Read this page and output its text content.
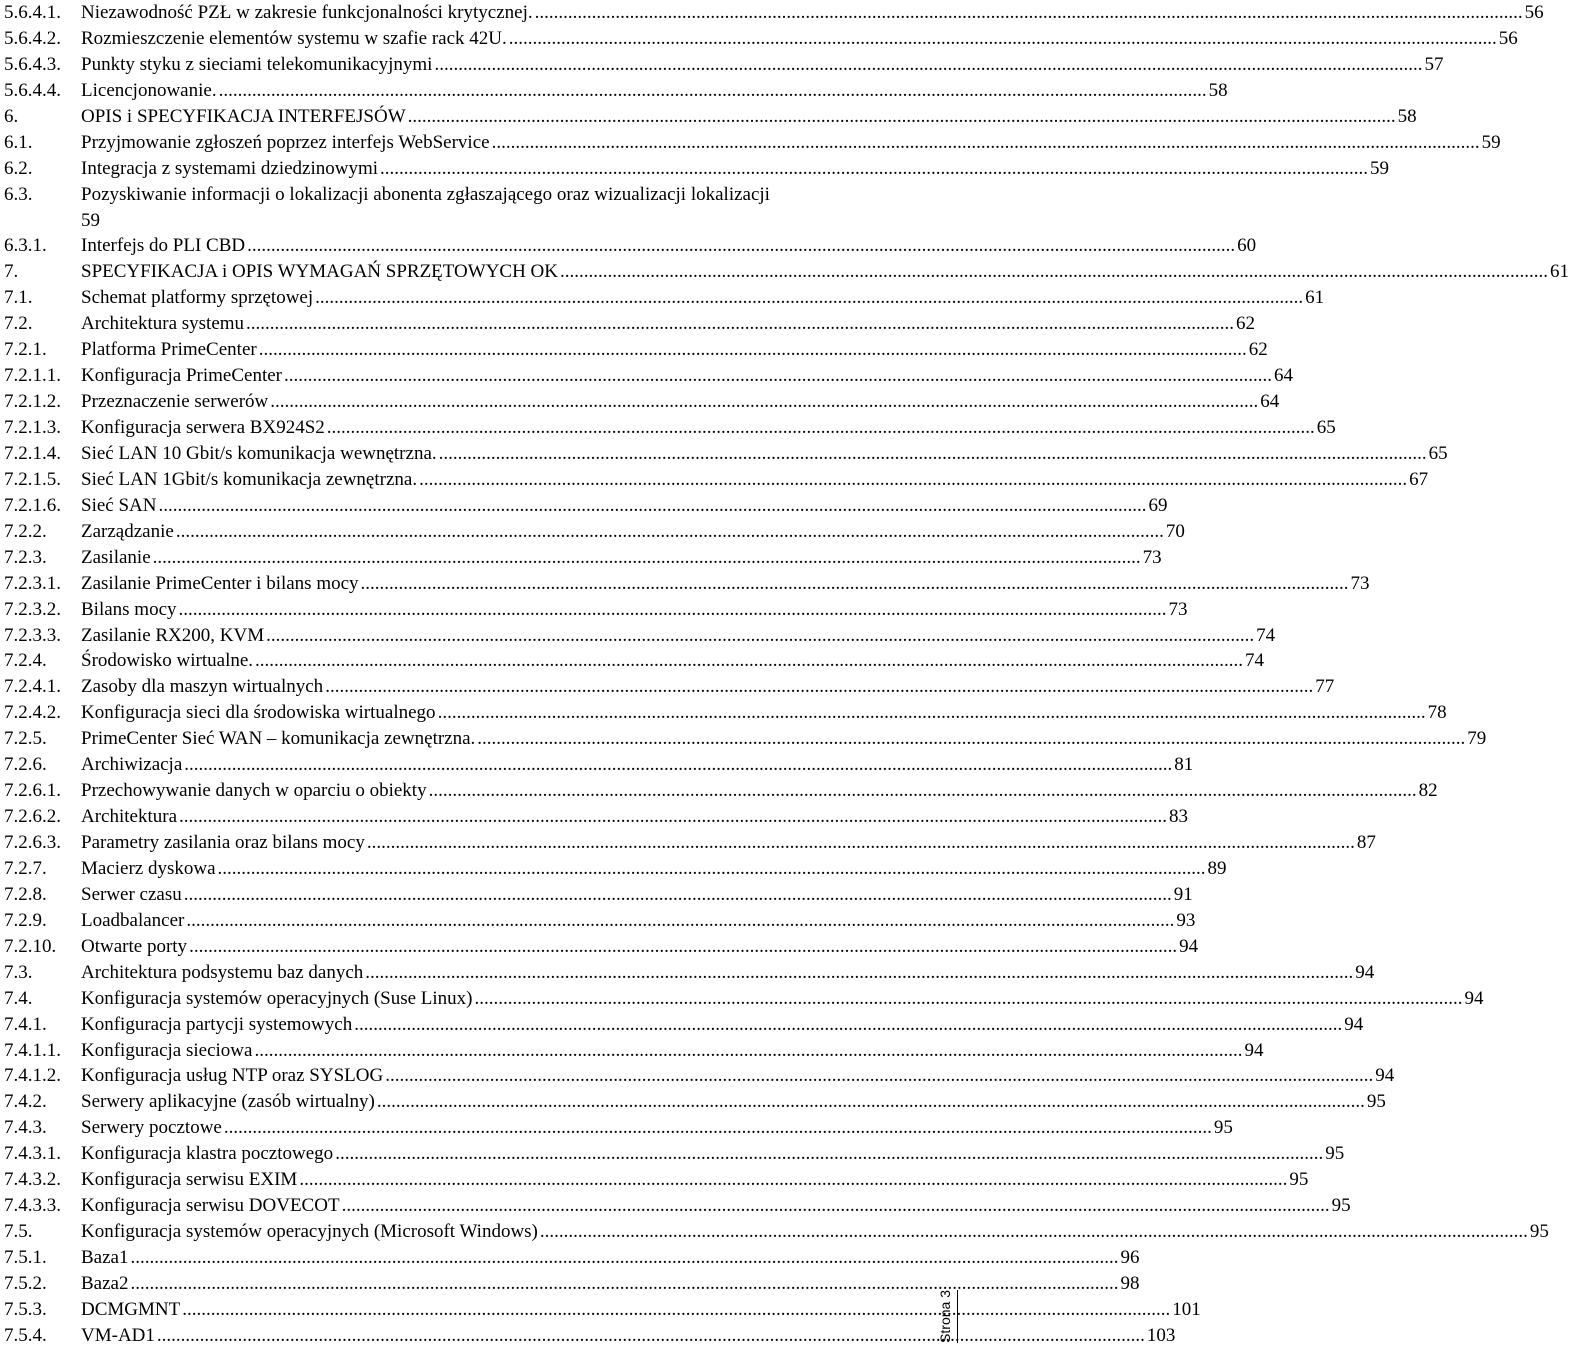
5.6.4.1.	Niezawodność PZŁ w zakresie funkcjonalności krytycznej. .....	56
5.6.4.2.	Rozmieszczenie elementów systemu w szafie rack 42U. .....	56
5.6.4.3.	Punkty styku z sieciami telekomunikacyjnymi .....	57
5.6.4.4.	Licencjonowanie. .....	58
6.	OPIS i SPECYFIKACJA INTERFEJSÓW .....	58
6.1.	Przyjmowanie zgłoszeń poprzez interfejs WebService .....	59
6.2.	Integracja z systemami dziedzinowymi .....	59
6.3.	Pozyskiwanie informacji o lokalizacji abonenta zgłaszającego oraz wizualizacji lokalizacji
59
6.3.1.	Interfejs do PLI CBD .....	60
7.	SPECYFIKACJA i OPIS WYMAGAŃ SPRZĘTOWYCH OK .....	61
7.1.	Schemat platformy sprzętowej .....	61
7.2.	Architektura systemu .....	62
7.2.1.	Platforma PrimeCenter .....	62
7.2.1.1.	Konfiguracja PrimeCenter .....	64
7.2.1.2.	Przeznaczenie serwerów .....	64
7.2.1.3.	Konfiguracja serwera BX924S2 .....	65
7.2.1.4.	Sieć LAN 10 Gbit/s komunikacja wewnętrzna. .....	65
7.2.1.5.	Sieć LAN 1Gbit/s komunikacja zewnętrzna. .....	67
7.2.1.6.	Sieć SAN .....	69
7.2.2.	Zarządzanie .....	70
7.2.3.	Zasilanie .....	73
7.2.3.1.	Zasilanie PrimeCenter i bilans mocy .....	73
7.2.3.2.	Bilans mocy .....	73
7.2.3.3.	Zasilanie RX200, KVM .....	74
7.2.4.	Środowisko wirtualne. .....	74
7.2.4.1.	Zasoby dla maszyn wirtualnych .....	77
7.2.4.2.	Konfiguracja sieci dla środowiska wirtualnego .....	78
7.2.5.	PrimeCenter Sieć WAN – komunikacja zewnętrzna. .....	79
7.2.6.	Archiwizacja .....	81
7.2.6.1.	Przechowywanie danych w oparciu o obiekty .....	82
7.2.6.2.	Architektura .....	83
7.2.6.3.	Parametry zasilania oraz bilans mocy .....	87
7.2.7.	Macierz dyskowa .....	89
7.2.8.	Serwer czasu .....	91
7.2.9.	Loadbalancer .....	93
7.2.10.	Otwarte porty .....	94
7.3.	Architektura podsystemu baz danych .....	94
7.4.	Konfiguracja systemów operacyjnych (Suse Linux) .....	94
7.4.1.	Konfiguracja partycji systemowych .....	94
7.4.1.1.	Konfiguracja sieciowa .....	94
7.4.1.2.	Konfiguracja usług NTP oraz SYSLOG .....	94
7.4.2.	Serwery aplikacyjne (zasób wirtualny) .....	95
7.4.3.	Serwery pocztowe .....	95
7.4.3.1.	Konfiguracja klastra pocztowego .....	95
7.4.3.2.	Konfiguracja serwisu EXIM .....	95
7.4.3.3.	Konfiguracja serwisu DOVECOT .....	95
7.5.	Konfiguracja systemów operacyjnych (Microsoft Windows) .....	95
7.5.1.	Baza1 .....	96
7.5.2.	Baza2 .....	98
7.5.3.	DCMGMNT .....	101
7.5.4.	VM-AD1 .....	103
Strona 3
